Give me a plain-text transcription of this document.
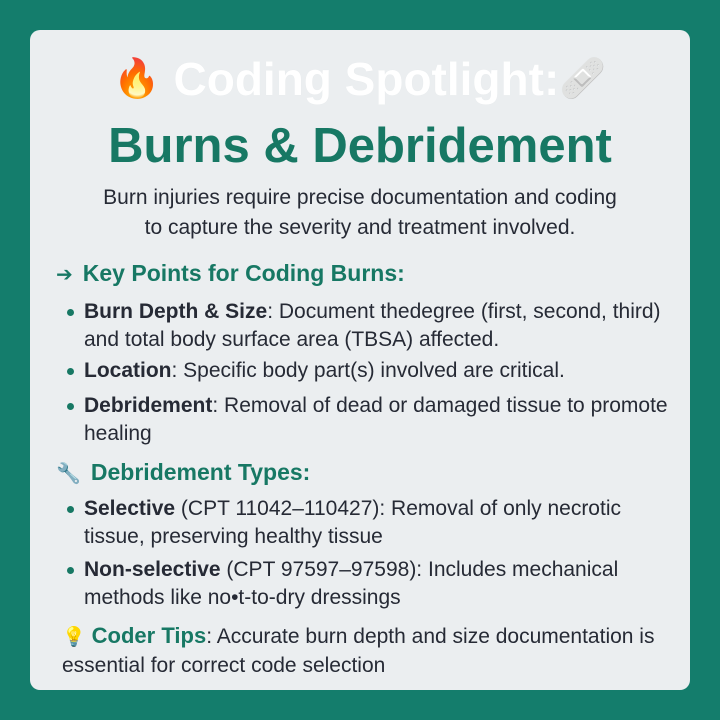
🔥 Coding Spotlight:🩹
Burns & Debridement
Burn injuries require precise documentation and coding
to capture the severity and treatment involved.
➔ Key Points for Coding Burns:
Burn Depth & Size: Document thedegree (first, second, third) and total body surface area (TBSA) affected.
Location: Specific body part(s) involved are critical.
Debridement: Removal of dead or damaged tissue to promote healing
🔧 Debridement Types:
Selective (CPT 11042–110427): Removal of only necrotic tissue, preserving healthy tissue
Non-selective (CPT 97597–97598): Includes mechanical methods like no•t-to-dry dressings
💡 Coder Tips: Accurate burn depth and size documentation is essential for correct code selection
